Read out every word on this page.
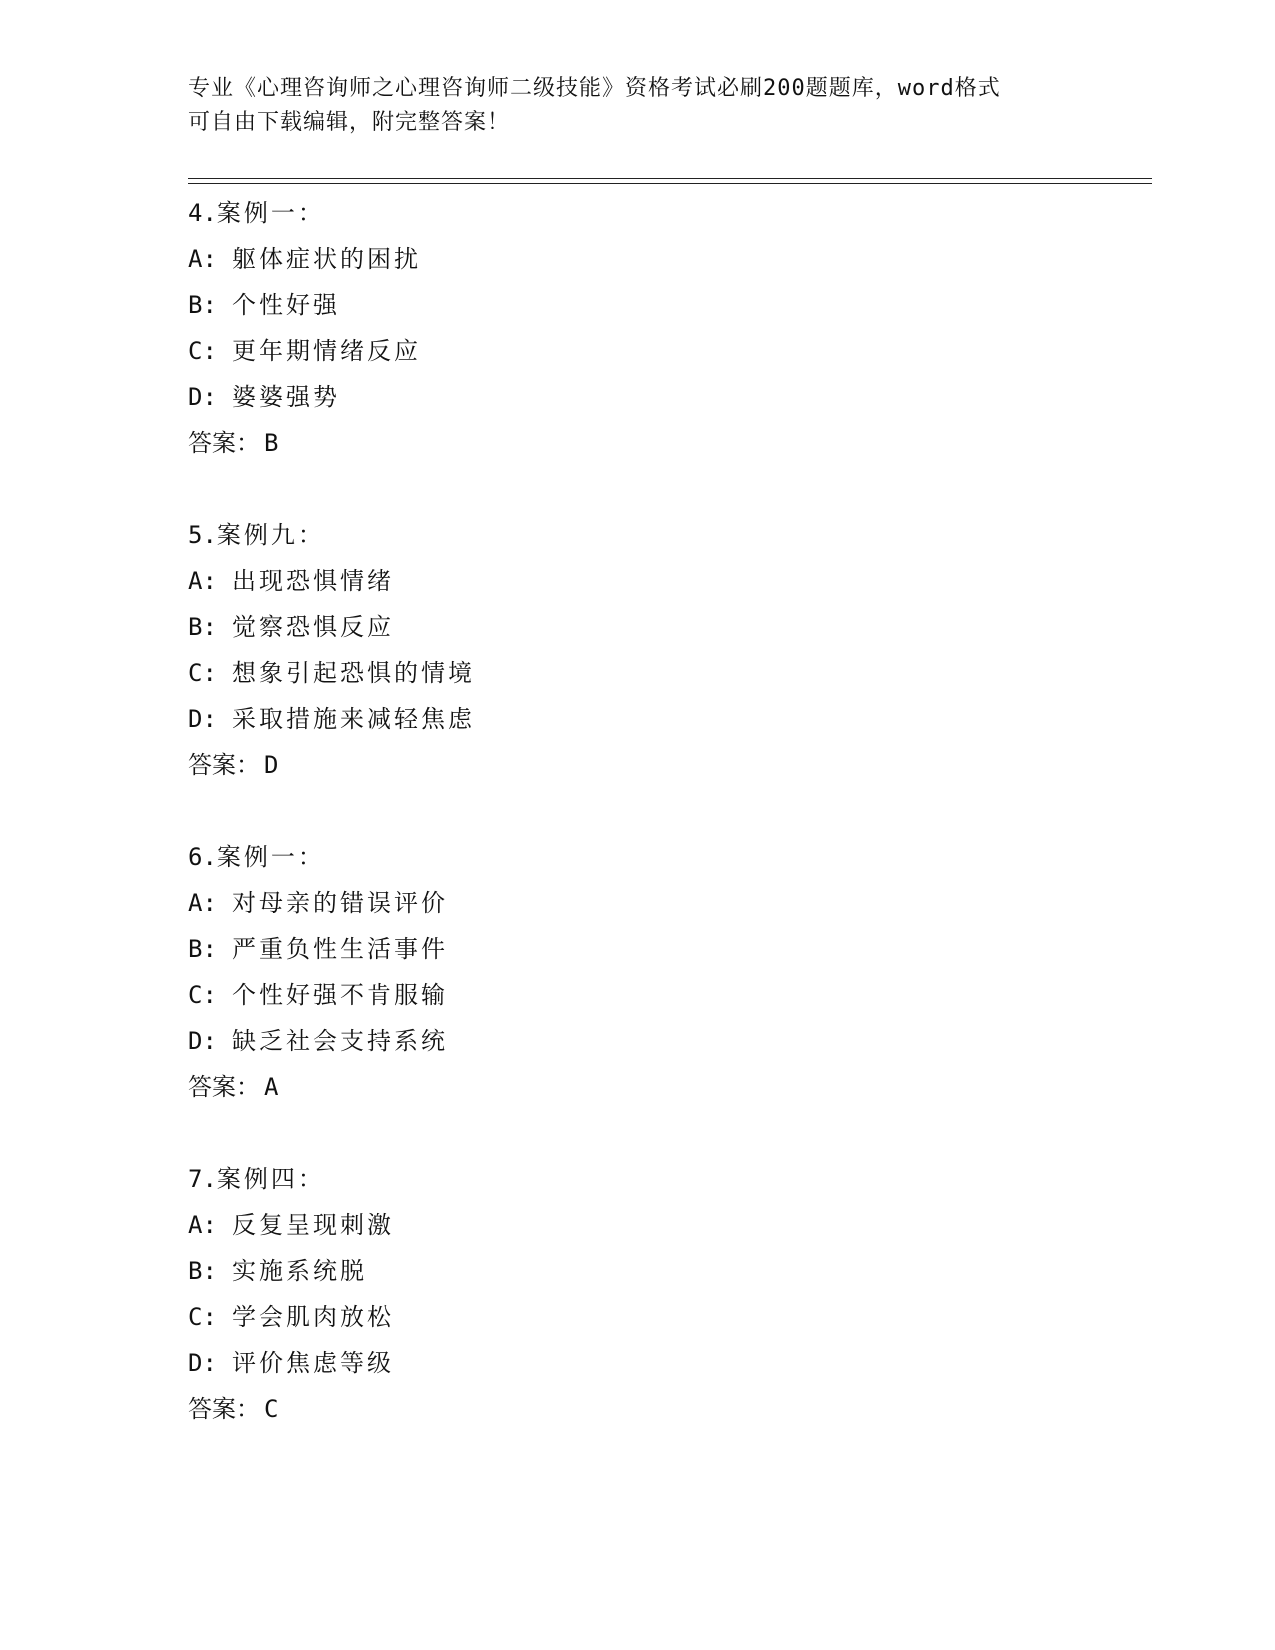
专业《心理咨询师之心理咨询师二级技能》资格考试必刷200题题库，word格式
可自由下载编辑，附完整答案！
4.案例一：
A: 躯体症状的困扰
B: 个性好强
C: 更年期情绪反应
D: 婆婆强势
答案： B
5.案例九：
A: 出现恐惧情绪
B: 觉察恐惧反应
C: 想象引起恐惧的情境
D: 采取措施来减轻焦虑
答案： D
6.案例一：
A: 对母亲的错误评价
B: 严重负性生活事件
C: 个性好强不肯服输
D: 缺乏社会支持系统
答案： A
7.案例四：
A: 反复呈现刺激
B: 实施系统脱
C: 学会肌肉放松
D: 评价焦虑等级
答案： C
